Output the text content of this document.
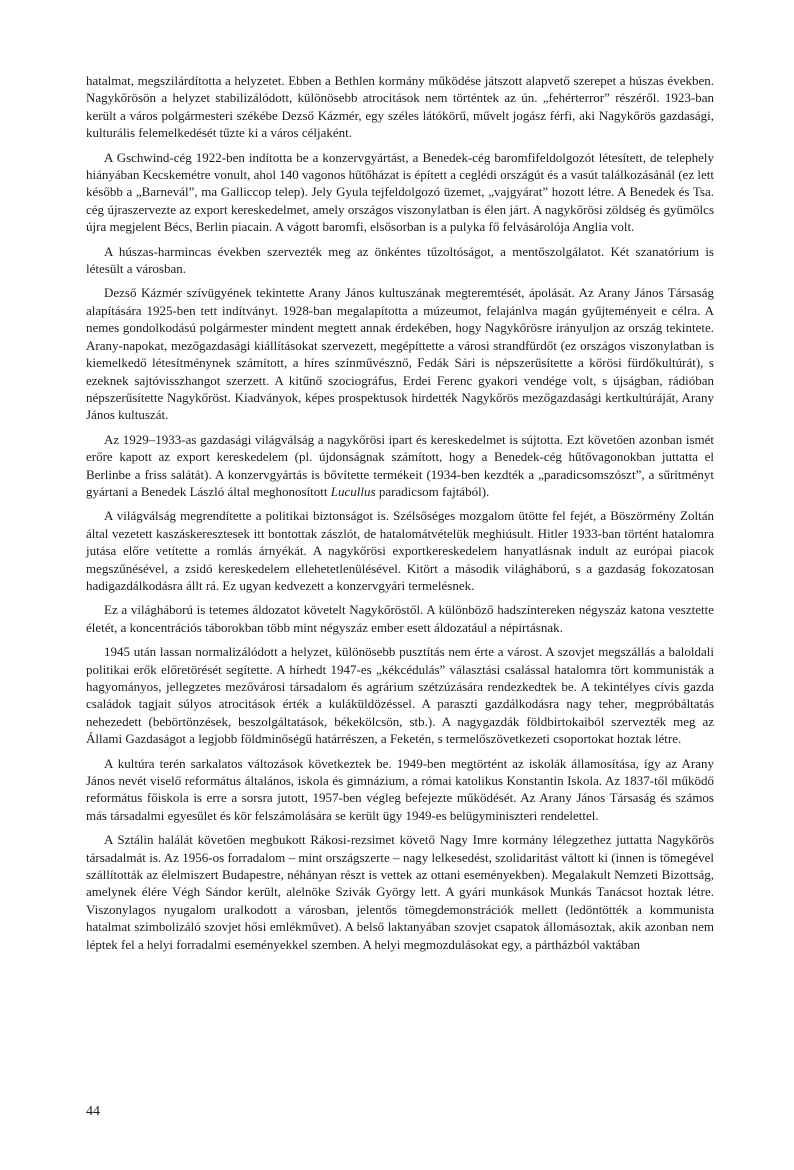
hatalmat, megszilárdította a helyzetet. Ebben a Bethlen kormány működése játszott alapvető szerepet a húszas években. Nagykőrösön a helyzet stabilizálódott, különösebb atrocitások nem történtek az ún. „fehérterror” részéről. 1923-ban került a város polgármesteri székébe Dezső Kázmér, egy széles látókörű, művelt jogász férfi, aki Nagykőrös gazdasági, kulturális felemelkedését tűzte ki a város céljaként.

A Gschwind-cég 1922-ben indította be a konzervgyártást, a Benedek-cég baromfifeldolgozót létesített, de telephely hiányában Kecskemétre vonult, ahol 140 vagonos hűtőházat is épített a ceglédi országút és a vasút találkozásánál (ez lett később a „Barnevál”, ma Galliccop telep). Jely Gyula tejfeldolgozó üzemet, „vajgyárat” hozott létre. A Benedek és Tsa. cég újraszervezte az export kereskedelmet, amely országos viszonylatban is élen járt. A nagykőrösi zöldség és gyümölcs újra megjelent Bécs, Berlin piacain. A vágott baromfi, elsősorban is a pulyka fő felvásárolója Anglia volt.

A húszas-harmincas években szervezték meg az önkéntes tűzoltóságot, a mentőszolgálatot. Két szanatórium is létesült a városban.

Dezső Kázmér szívügyének tekintette Arany János kultuszának megteremtését, ápolását. Az Arany János Társaság alapítására 1925-ben tett indítványt. 1928-ban megalapította a múzeumot, felajánlva magán gyűjteményeit e célra. A nemes gondolkodású polgármester mindent megtett annak érdekében, hogy Nagykőrösre irányuljon az ország tekintete. Arany-napokat, mezőgazdasági kiállításokat szervezett, megépíttette a városi strandfürdőt (ez országos viszonylatban is kiemelkedő létesítménynek számított, a híres színművésznő, Fedák Sári is népszerűsítette a kőrösi fürdőkultúrát), s ezeknek sajtóvisszhangot szerzett. A kitűnő szociográfus, Erdei Ferenc gyakori vendége volt, s újságban, rádióban népszerűsítette Nagykőröst. Kiadványok, képes prospektusok hirdették Nagykőrös mezőgazdasági kertkultúráját, Arany János kultuszát.

Az 1929–1933-as gazdasági világválság a nagykőrösi ipart és kereskedelmet is sújtotta. Ezt követően azonban ismét erőre kapott az export kereskedelem (pl. újdonságnak számított, hogy a Benedek-cég hűtővagonokban juttatta el Berlinbe a friss salátát). A konzervgyártás is bővítette termékeit (1934-ben kezdték a „paradicsomszószt”, a sűrítményt gyártani a Benedek László által meghonosított Lucullus paradicsom fajtából).

A világválság megrendítette a politikai biztonságot is. Szélsőséges mozgalom ütötte fel fejét, a Böszörmény Zoltán által vezetett kaszáskeresztesek itt bontottak zászlót, de hatalomátvételük meghiúsult. Hitler 1933-ban történt hatalomra jutása előre vetítette a romlás árnyékát. A nagykőrösi exportkereskedelem hanyatlásnak indult az európai piacok megszűnésével, a zsidó kereskedelem ellehetetlenülésével. Kitört a második világháború, s a gazdaság fokozatosan hadigazdálkodásra állt rá. Ez ugyan kedvezett a konzervgyári termelésnek.

Ez a világháború is tetemes áldozatot követelt Nagykőröstől. A különböző hadszíntereken négyszáz katona vesztette életét, a koncentrációs táborokban több mint négyszáz ember esett áldozatául a népirtásnak.

1945 után lassan normalizálódott a helyzet, különösebb pusztítás nem érte a várost. A szovjet megszállás a baloldali politikai erők előretörését segítette. A hírhedt 1947-es „kékcédulás” választási csalással hatalomra tört kommunisták a hagyományos, jellegzetes mezővárosi társadalom és agrárium szétzúzására rendezkedtek be. A tekintélyes cívis gazda családok tagjait súlyos atrocitások érték a kuláküldözéssel. A paraszti gazdálkodásra nagy teher, megpróbáltatás nehezedett (bebörtönzések, beszolgáltatások, békekölcsön, stb.). A nagygazdák földbirtokaiból szervezték meg az Állami Gazdaságot a legjobb földminőségű határrészen, a Feketén, s termelőszövetkezeti csoportokat hoztak létre.

A kultúra terén sarkalatos változások következtek be. 1949-ben megtörtént az iskolák államosítása, így az Arany János nevét viselő református általános, iskola és gimnázium, a római katolikus Konstantin Iskola. Az 1837-től működő református főiskola is erre a sorsra jutott, 1957-ben végleg befejezte működését. Az Arany János Társaság és számos más társadalmi egyesület és kör felszámolására se került ügy 1949-es belügyminiszteri rendelettel.

A Sztálin halálát követően megbukott Rákosi-rezsimet követő Nagy Imre kormány lélegzethez juttatta Nagykőrös társadalmát is. Az 1956-os forradalom – mint országszerte – nagy lelkesedést, szolidaritást váltott ki (innen is tömegével szállították az élelmiszert Budapestre, néhányan részt is vettek az ottani eseményekben). Megalakult Nemzeti Bizottság, amelynek élére Végh Sándor került, alelnöke Szivák György lett. A gyári munkások Munkás Tanácsot hoztak létre. Viszonylagos nyugalom uralkodott a városban, jelentős tömegdemonstrációk mellett (ledöntötték a kommunista hatalmat szimbolizáló szovjet hősi emlékművet). A belső laktanyában szovjet csapatok állomásoztak, akik azonban nem léptek fel a helyi forradalmi eseményekkel szemben. A helyi megmozdulásokat egy, a pártházból vaktában

44
